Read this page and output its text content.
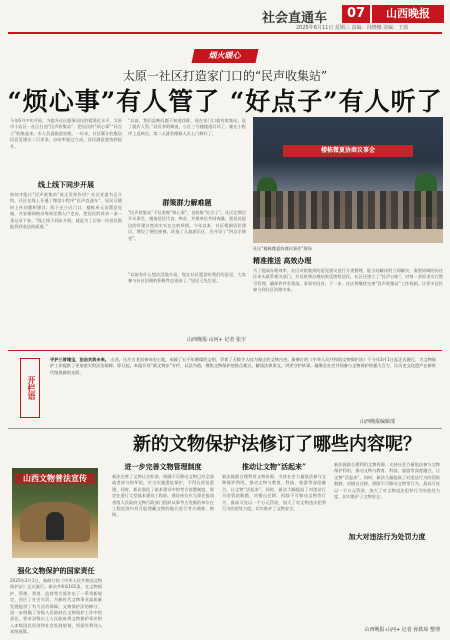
社会直通车	07	山西晚报
2025年6月11日 星期三 责编：冯晓娜 美编：王倩
烟火暖心
太原一社区打造家门口的“民声收集站”
“烦心事”有人管了 “好点子”有人听了
今年6月中旬开始，为提升社区服务居民的精准化水平，太原市小店区一社区打造“民声收集站”，把居民的“烦心事”“好点子”收集起来，专人负责跟进处理。一年来，社区累计收集居民意见建议二百余条，办结率超过九成，居民满意度持续提升。
线上线下同步开展
如何才能让“民声收集站”真正发挥作用？社区党委书记介绍，社区在线上开通了微信小程序“民声直通车”，居民可随时上传问题和建议；线下在小区门口、楼栋单元设置意见箱，并安排网格员每周定期入户走访，把居民的诉求一条一条记录下来。“线上线下同步开展，就是为了让每一位居民都能找到表达的渠道。”
“以前，我们反映问题不知道找谁，现在家门口就有收集站，说了就有人管。”居民李阿姨说，小区三号楼楼道灯坏了，她在小程序上反映后，第二天就有维修人员上门修好了。
群策群力解难题
“民声收集站”不仅收集“烦心事”，也收集“好点子”。社区定期召开议事会，邀请居民代表、物业、共建单位共同商量，把居民提出的好建议变成实实在在的举措。今年以来，社区根据居民建议，增设了便民座椅，改造了儿童游乐区，还开设了“四点半课堂”。
“以前有什么想法没地方说，现在社区愿意听我们的意见，大家参与社区治理的积极性也更高了。”居民王先生说。
山西晚报·山河+ 记者 张宇
楼栋微夏协商议事会
社区“楼栋微夏协商议事会”现场
精准推送 高效办理
为了提高办理效率，社区对收集到的意见建议进行分类整理，能当场解决的立即解决，需要协调的由社区牵头联系相关部门，并及时将办理结果反馈给居民。社区还建立了“民声台账”，对每一条诉求实行销号管理，确保件件有着落、事事有回音。下一步，社区将继续完善“民声收集站”工作机制，让更多居民参与到社区治理中来。
开栏语
守护三晋瑰宝，法治共筑未来。 山西，这片古老而神奇的土地，承载了五千年璀璨的文明，孕育了无数令人叹为观止的文物古迹。新修订的《中华人民共和国文物保护法》于今年3月1日起正式施行，为文物保护工作提供了更加坚实的法治保障。即日起，本报开设“新文物法”专栏，以法为盾，聚焦文物保护的热点难点，解读法律条文，讲述守护故事，凝聚全社会共同参与文物保护的强大合力，让历史文化遗产在新时代绽放新的光彩。
山西晚报编辑部
新的文物保护法修订了哪些内容呢？
山西文物普法宣传
强化文物保护的国家责任
2025年3月1日，新修订的《中华人民共和国文物保护法》正式施行。新法共8章101条，在文物保护、管理、利用、监督等方面作出了一系列新规定，回应了社会关切，为新时代文物事业高质量发展提供了有力法治保障。文物保护法的修订，进一步明确了各级人民政府在文物保护工作中的责任，要求县级以上人民政府将文物保护事业纳入本级国民经济和社会发展规划，所需经费列入本级预算。
进一步完善文物管理制度
新法完善了文物认定标准，明确不可移动文物已经全部或者部分毁坏的，应当实施遗址保护，不得在原址重建。同时，新法强化了基本建设中的考古前置制度，规定在进行大型基本建设工程前，建设单位应当事先报请省级人民政府文物行政部门组织从事考古发掘的单位在工程范围内有可能埋藏文物的地方进行考古调查、勘探。
推动让文物“活起来”
新法鼓励合理利用文物资源，支持社会力量依法参与文物保护利用，推动文物与教育、科技、旅游等深度融合，让文物“活起来”。同时，新法大幅提高了对违法行为的罚款数额，对擅自迁移、拆除不可移动文物等行为，最高可处以一千万元罚款，加大了对文物违法犯罪行为的惩处力度，切实维护了文物安全。
加大对违法行为处罚力度
新法鼓励合理利用文物资源，支持社会力量依法参与文物保护利用，推动文物与教育、科技、旅游等深度融合，让文物“活起来”。同时，新法大幅提高了对违法行为的罚款数额，对擅自迁移、拆除不可移动文物等行为，最高可处以一千万元罚款，加大了对文物违法犯罪行为的惩处力度，切实维护了文物安全。
山西晚报·山河+ 记者 孙轶琼 整理
